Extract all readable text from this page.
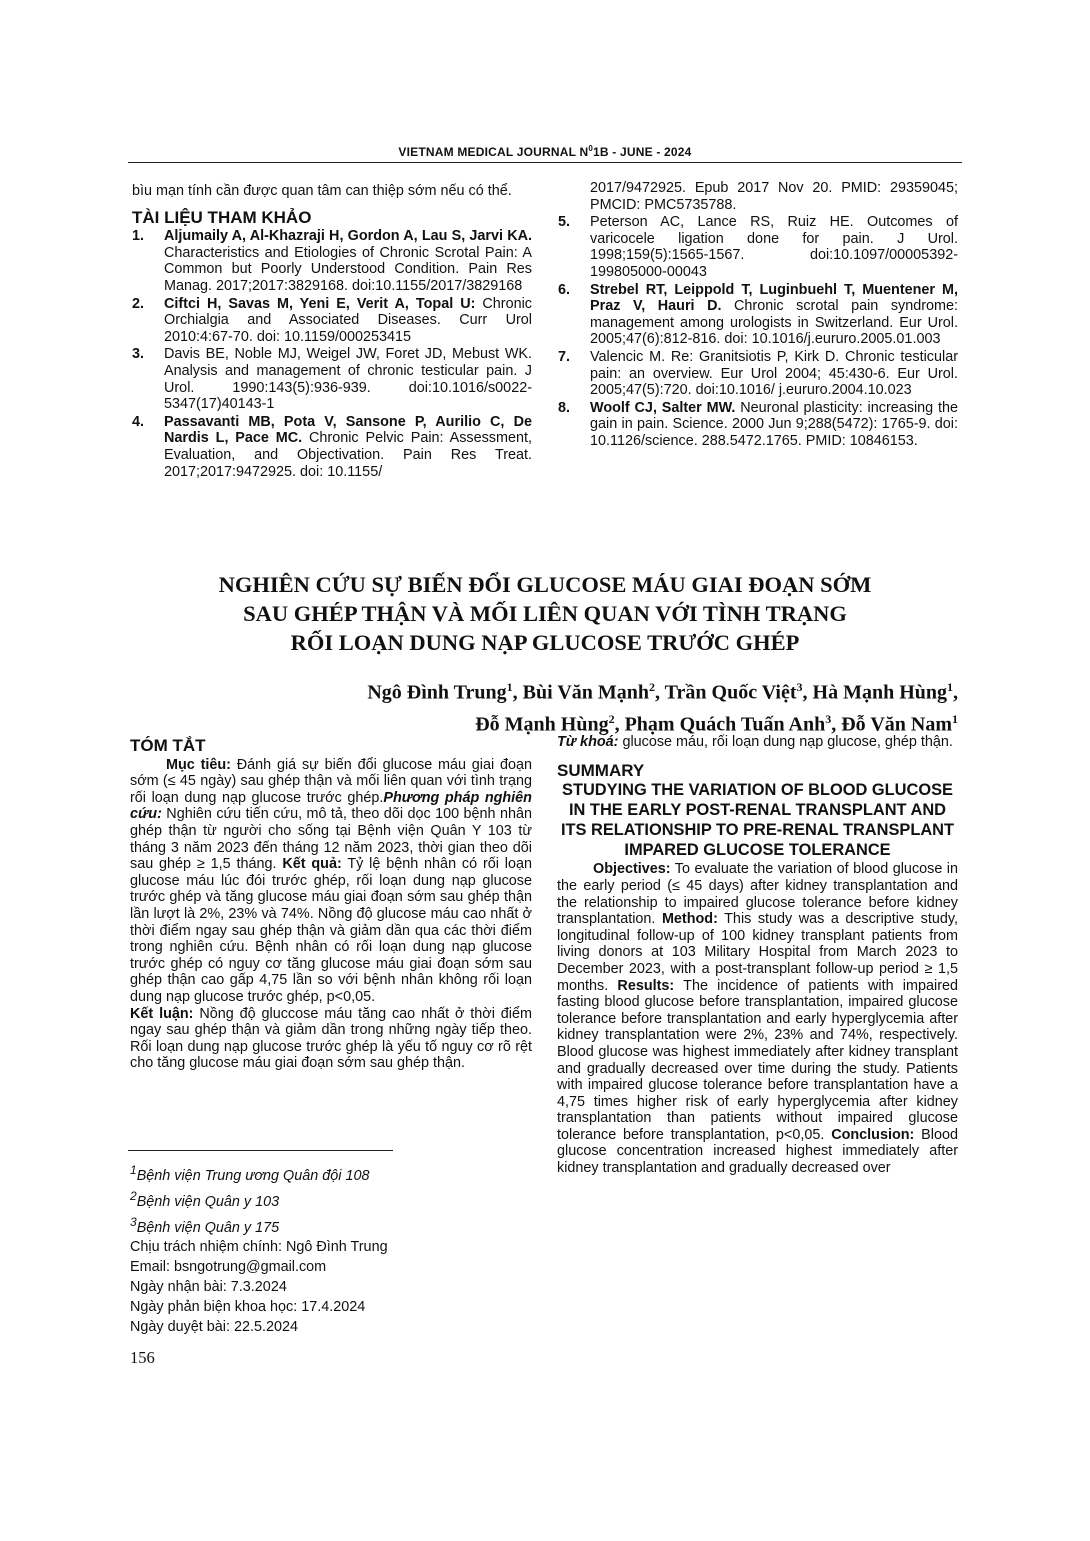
VIETNAM MEDICAL JOURNAL $N^01B$ - JUNE - 2024
bìu mạn tính cần được quan tâm can thiệp sớm nếu có thể.
TÀI LIỆU THAM KHẢO
1.	Aljumaily A, Al-Khazraji H, Gordon A, Lau S, Jarvi KA. Characteristics and Etiologies of Chronic Scrotal Pain: A Common but Poorly Understood Condition. Pain Res Manag. 2017;2017:3829168. doi:10.1155/2017/3829168
2.	Ciftci H, Savas M, Yeni E, Verit A, Topal U: Chronic Orchialgia and Associated Diseases. Curr Urol 2010:4:67-70. doi: 10.1159/000253415
3.	Davis BE, Noble MJ, Weigel JW, Foret JD, Mebust WK. Analysis and management of chronic testicular pain. J Urol. 1990:143(5):936-939. doi:10.1016/s0022-5347(17)40143-1
4.	Passavanti MB, Pota V, Sansone P, Aurilio C, De Nardis L, Pace MC. Chronic Pelvic Pain: Assessment, Evaluation, and Objectivation. Pain Res Treat. 2017;2017:9472925. doi: 10.1155/
2017/9472925. Epub 2017 Nov 20. PMID: 29359045; PMCID: PMC5735788.
5.	Peterson AC, Lance RS, Ruiz HE. Outcomes of varicocele ligation done for pain. J Urol. 1998;159(5):1565-1567. doi:10.1097/00005392-199805000-00043
6.	Strebel RT, Leippold T, Luginbuehl T, Muentener M, Praz V, Hauri D. Chronic scrotal pain syndrome: management among urologists in Switzerland. Eur Urol. 2005;47(6):812-816. doi: 10.1016/j.eururo.2005.01.003
7.	Valencic M. Re: Granitsiotis P, Kirk D. Chronic testicular pain: an overview. Eur Urol 2004; 45:430-6. Eur Urol. 2005;47(5):720. doi:10.1016/ j.eururo.2004.10.023
8.	Woolf CJ, Salter MW. Neuronal plasticity: increasing the gain in pain. Science. 2000 Jun 9;288(5472): 1765-9. doi: 10.1126/science. 288.5472.1765. PMID: 10846153.
NGHIÊN CỨU SỰ BIẾN ĐỔI GLUCOSE MÁU GIAI ĐOẠN SỚM
SAU GHÉP THẬN VÀ MỐI LIÊN QUAN VỚI TÌNH TRẠNG
RỐI LOẠN DUNG NẠP GLUCOSE TRƯỚC GHÉP
Ngô Đình Trung$^1$, Bùi Văn Mạnh$^2$, Trần Quốc Việt$^3$, Hà Mạnh Hùng$^1$,
Đỗ Mạnh Hùng$^2$, Phạm Quách Tuấn Anh$^3$, Đỗ Văn Nam$^1$
TÓM TẮT
Mục tiêu: Đánh giá sự biến đổi glucose máu giai đoạn sớm (≤ 45 ngày) sau ghép thận và mối liên quan với tình trạng rối loạn dung nạp glucose trước ghép.Phương pháp nghiên cứu: Nghiên cứu tiến cứu, mô tả, theo dõi dọc 100 bệnh nhân ghép thận từ người cho sống tại Bệnh viện Quân Y 103 từ tháng 3 năm 2023 đến tháng 12 năm 2023, thời gian theo dõi sau ghép ≥ 1,5 tháng. Kết quả: Tỷ lệ bệnh nhân có rối loạn glucose máu lúc đói trước ghép, rối loạn dung nạp glucose trước ghép và tăng glucose máu giai đoạn sớm sau ghép thận lần lượt là 2%, 23% và 74%. Nồng độ glucose máu cao nhất ở thời điểm ngay sau ghép thận và giảm dần qua các thời điểm trong nghiên cứu. Bệnh nhân có rối loạn dung nạp glucose trước ghép có nguy cơ tăng glucose máu giai đoạn sớm sau ghép thận cao gấp 4,75 lần so với bệnh nhân không rối loạn dung nạp glucose trước ghép, p<0,05.
Kết luận: Nồng độ gluccose máu tăng cao nhất ở thời điểm ngay sau ghép thận và giảm dần trong những ngày tiếp theo. Rối loạn dung nạp glucose trước ghép là yếu tố nguy cơ rõ rệt cho tăng glucose máu giai đoạn sớm sau ghép thận.
$^1$Bệnh viện Trung ương Quân đội 108
$^2$Bệnh viện Quân y 103
$^3$Bệnh viện Quân y 175
Chịu trách nhiệm chính: Ngô Đình Trung
Email: bsngotrung@gmail.com
Ngày nhận bài: 7.3.2024
Ngày phản biện khoa học: 17.4.2024
Ngày duyệt bài: 22.5.2024
Từ khoá: glucose máu, rối loạn dung nạp glucose, ghép thận.
SUMMARY
STUDYING THE VARIATION OF BLOOD GLUCOSE IN THE EARLY POST-RENAL TRANSPLANT AND ITS RELATIONSHIP TO PRE-RENAL TRANSPLANT IMPARED GLUCOSE TOLERANCE
Objectives: To evaluate the variation of blood glucose in the early period (≤ 45 days) after kidney transplantation and the relationship to impaired glucose tolerance before kidney transplantation. Method: This study was a descriptive study, longitudinal follow-up of 100 kidney transplant patients from living donors at 103 Military Hospital from March 2023 to December 2023, with a post-transplant follow-up period ≥ 1,5 months. Results: The incidence of patients with impaired fasting blood glucose before transplantation, impaired glucose tolerance before transplantation and early hyperglycemia after kidney transplantation were 2%, 23% and 74%, respectively. Blood glucose was highest immediately after kidney transplant and gradually decreased over time during the study. Patients with impaired glucose tolerance before transplantation have a 4,75 times higher risk of early hyperglycemia after kidney transplantation than patients without impaired glucose tolerance before transplantation, p<0,05. Conclusion: Blood glucose concentration increased highest immediately after kidney transplantation and gradually decreased over
156
